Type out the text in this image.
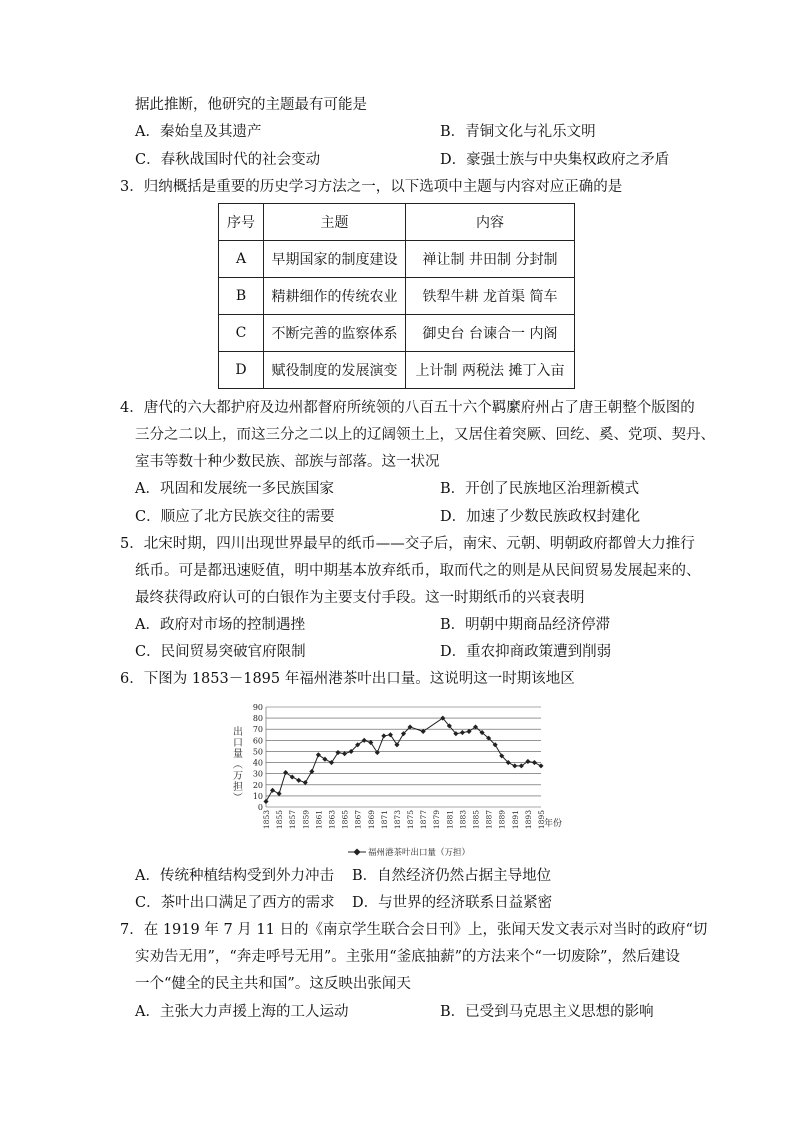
据此推断，他研究的主题最有可能是
A．秦始皇及其遗产	B．青铜文化与礼乐文明
C．春秋战国时代的社会变动	D．豪强士族与中央集权政府之矛盾
3．归纳概括是重要的历史学习方法之一，以下选项中主题与内容对应正确的是
序号	主题	内容
A	早期国家的制度建设	禅让制 井田制 分封制
B	精耕细作的传统农业	铁犁牛耕 龙首渠 简车
C	不断完善的监察体系	御史台 台谏合一 内阁
D	赋役制度的发展演变	上计制 两税法 摊丁入亩
4．唐代的六大都护府及边州都督府所统领的八百五十六个羁縻府州占了唐王朝整个版图的
三分之二以上，而这三分之二以上的辽阔领土上，又居住着突厥、回纥、奚、党项、契丹、
室韦等数十种少数民族、部族与部落。这一状况
A．巩固和发展统一多民族国家	B．开创了民族地区治理新模式
C．顺应了北方民族交往的需要	D．加速了少数民族政权封建化
5．北宋时期，四川出现世界最早的纸币——交子后，南宋、元朝、明朝政府都曾大力推行
纸币。可是都迅速贬值，明中期基本放弃纸币，取而代之的则是从民间贸易发展起来的、
最终获得政府认可的白银作为主要支付手段。这一时期纸币的兴衰表明
A．政府对市场的控制遇挫	B．明朝中期商品经济停滞
C．民间贸易突破官府限制	D．重农抑商政策遭到削弱
6．下图为 1853－1895 年福州港茶叶出口量。这说明这一时期该地区
0
10
20
30
40
50
60
70
80
90
1853 1855 1857 1859 1861 1863 1865 1867 1869 1871 1873 1875 1877 1879 1881 1883 1885 1887 1889 1891 1893 1895
出
口
量
（
万
担
）
年份
福州港茶叶出口量（万担）
A．传统种植结构受到外力冲击 B．自然经济仍然占据主导地位
C．茶叶出口满足了西方的需求 D．与世界的经济联系日益紧密
7．在 1919 年 7 月 11 日的《南京学生联合会日刊》上，张闻天发文表示对当时的政府“切
实劝告无用”，“奔走呼号无用”。主张用“釜底抽薪”的方法来个“一切废除”，然后建设
一个“健全的民主共和国”。这反映出张闻天
A．主张大力声援上海的工人运动	B．已受到马克思主义思想的影响
